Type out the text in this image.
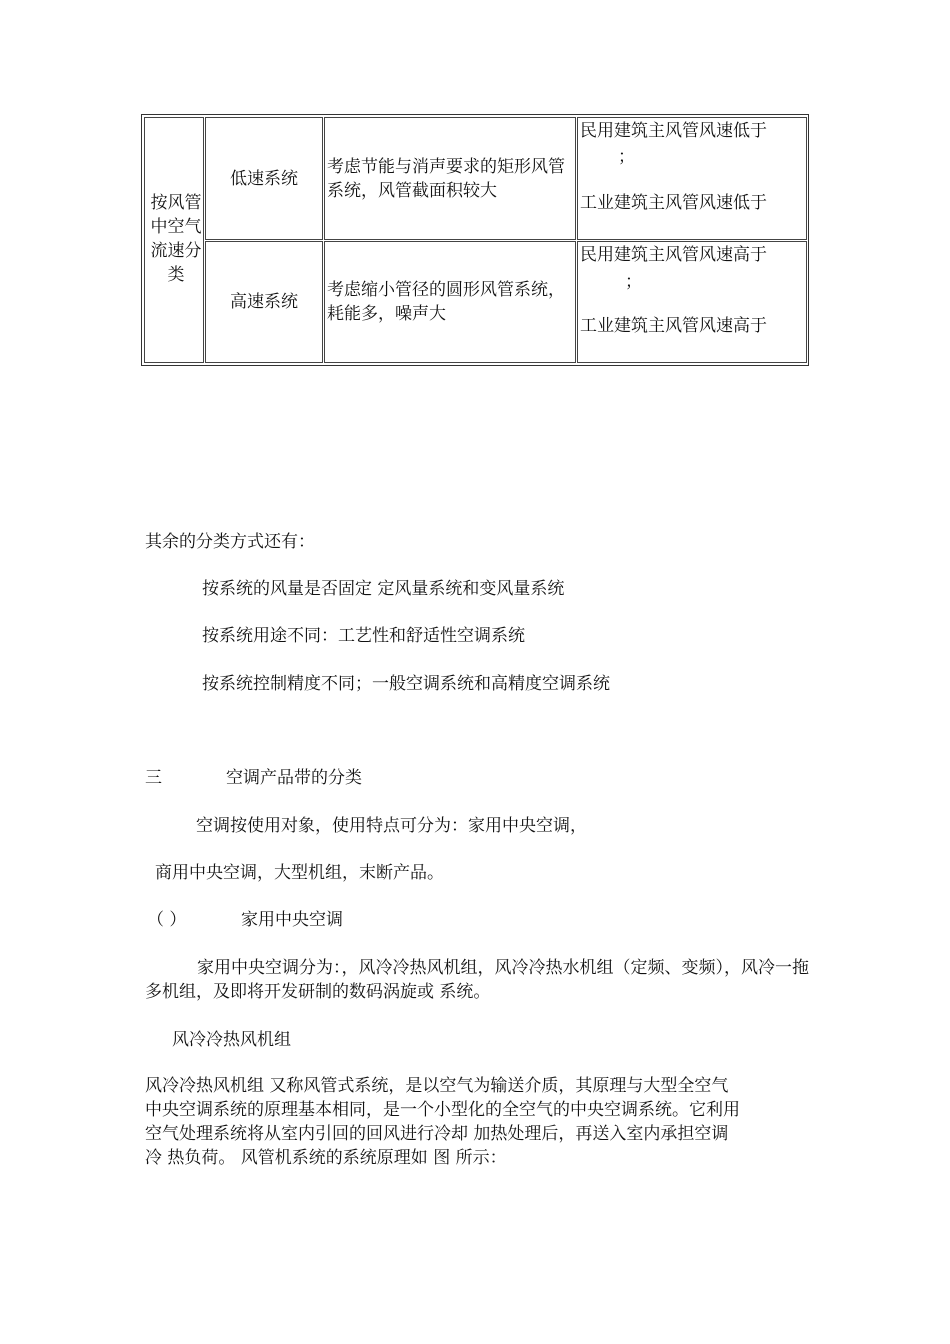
按风管中空气流速分类
低速系统
考虑节能与消声要求的矩形风管系统，风管截面积较大
民用建筑主风管风速低于
；
工业建筑主风管风速低于
高速系统
考虑缩小管径的圆形风管系统，耗能多，噪声大
民用建筑主风管风速高于
；
工业建筑主风管风速高于
其余的分类方式还有：
按系统的风量是否固定 定风量系统和变风量系统
按系统用途不同：工艺性和舒适性空调系统
按系统控制精度不同；一般空调系统和高精度空调系统
三	空调产品带的分类
空调按使用对象，使用特点可分为：家用中央空调，
商用中央空调，大型机组，末断产品。
（ ）	家用中央空调
家用中央空调分为：，风冷冷热风机组，风冷冷热水机组（定频、变频），风冷一拖多机组，及即将开发研制的数码涡旋或 系统。
风冷冷热风机组
风冷冷热风机组 又称风管式系统，是以空气为输送介质，其原理与大型全空气
中央空调系统的原理基本相同，是一个小型化的全空气的中央空调系统。它利用
空气处理系统将从室内引回的回风进行冷却 加热处理后，再送入室内承担空调
冷 热负荷。 风管机系统的系统原理如 图 所示：
